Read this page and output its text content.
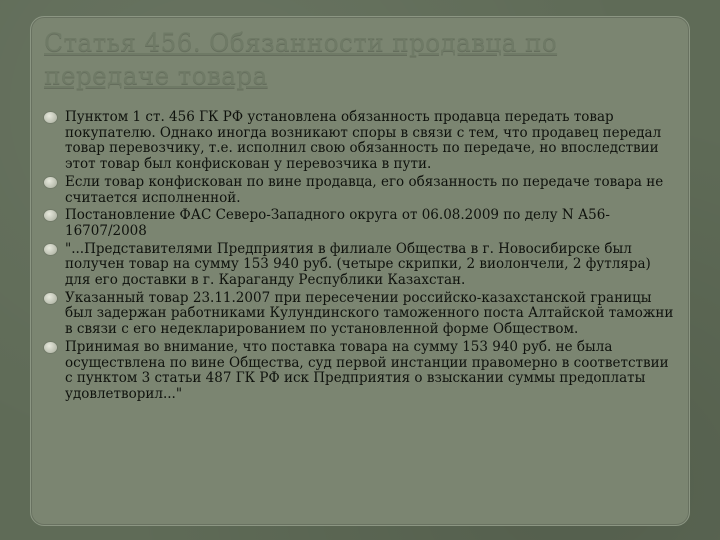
Статья 456. Обязанности продавца по передаче товара
Пунктом 1 ст. 456 ГК РФ установлена обязанность продавца передать товар покупателю. Однако иногда возникают споры в связи с тем, что продавец передал товар перевозчику, т.е. исполнил свою обязанность по передаче, но впоследствии этот товар был конфискован у перевозчика в пути.
Если товар конфискован по вине продавца, его обязанность по передаче товара не считается исполненной.
Постановление ФАС Северо-Западного округа от 06.08.2009 по делу N А56-16707/2008
"...Представителями Предприятия в филиале Общества в г. Новосибирске был получен товар на сумму 153 940 руб. (четыре скрипки, 2 виолончели, 2 футляра) для его доставки в г. Караганду Республики Казахстан.
Указанный товар 23.11.2007 при пересечении российско-казахстанской границы был задержан работниками Кулундинского таможенного поста Алтайской таможни в связи с его недекларированием по установленной форме Обществом.
Принимая во внимание, что поставка товара на сумму 153 940 руб. не была осуществлена по вине Общества, суд первой инстанции правомерно в соответствии с пунктом 3 статьи 487 ГК РФ иск Предприятия о взыскании суммы предоплаты удовлетворил..."
